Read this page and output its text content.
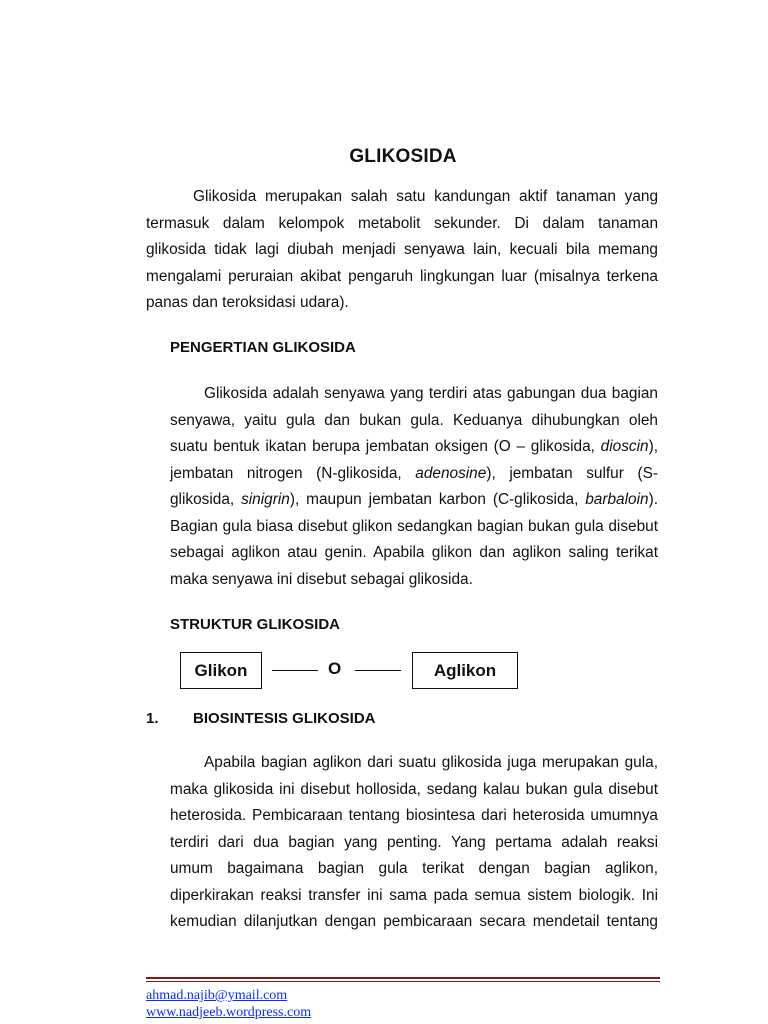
GLIKOSIDA
Glikosida merupakan salah satu kandungan aktif tanaman yang
termasuk dalam kelompok metabolit sekunder. Di dalam tanaman
glikosida tidak lagi diubah menjadi senyawa lain, kecuali bila memang
mengalami peruraian akibat pengaruh lingkungan luar (misalnya terkena
panas dan teroksidasi udara).
PENGERTIAN GLIKOSIDA
Glikosida adalah senyawa yang terdiri atas gabungan dua bagian
senyawa, yaitu gula dan bukan gula. Keduanya dihubungkan oleh
suatu bentuk ikatan berupa jembatan oksigen (O – glikosida, dioscin),
jembatan nitrogen (N-glikosida, adenosine), jembatan sulfur (S-
glikosida, sinigrin), maupun jembatan karbon (C-glikosida, barbaloin).
Bagian gula biasa disebut glikon sedangkan bagian bukan gula disebut
sebagai aglikon atau genin. Apabila glikon dan aglikon saling terikat
maka senyawa ini disebut sebagai glikosida.
STRUKTUR GLIKOSIDA
Glikon	O	Aglikon
1. BIOSINTESIS GLIKOSIDA
Apabila bagian aglikon dari suatu glikosida juga merupakan gula,
maka glikosida ini disebut hollosida, sedang kalau bukan gula disebut
heterosida. Pembicaraan tentang biosintesa dari heterosida umumnya
terdiri dari dua bagian yang penting. Yang pertama adalah reaksi
umum bagaimana bagian gula terikat dengan bagian aglikon,
diperkirakan reaksi transfer ini sama pada semua sistem biologik. Ini
kemudian dilanjutkan dengan pembicaraan secara mendetail tentang
ahmad.najib@ymail.com
www.nadjeeb.wordpress.com
